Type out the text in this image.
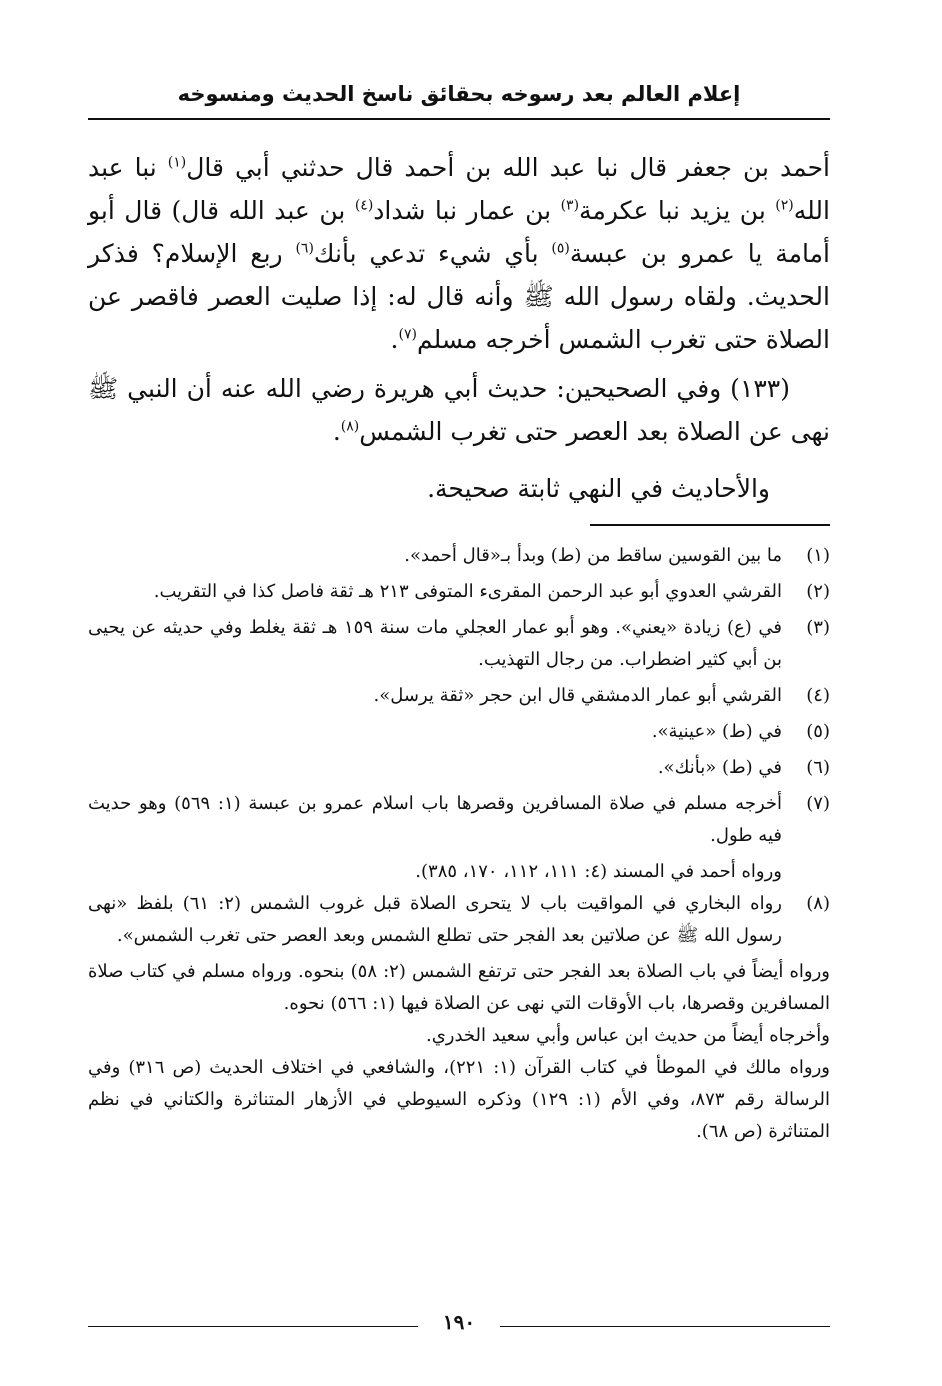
إعلام العالم بعد رسوخه بحقائق ناسخ الحديث ومنسوخه

أحمد بن جعفر قال نبا عبد الله بن أحمد قال حدثني أبي قال$^{(١)}$ نبا عبد الله$^{(٢)}$ بن يزيد نبا عكرمة$^{(٣)}$ بن عمار نبا شداد$^{(٤)}$ بن عبد الله قال) قال أبو أمامة يا عمرو بن عبسة$^{(٥)}$ بأي شيء تدعي بأنك$^{(٦)}$ ربع الإسلام؟ فذكر الحديث. ولقاه رسول الله ﷺ وأنه قال له: إذا صليت العصر فاقصر عن الصلاة حتى تغرب الشمس أخرجه مسلم$^{(٧)}$.

(١٣٣) وفي الصحيحين: حديث أبي هريرة رضي الله عنه أن النبي ﷺ نهى عن الصلاة بعد العصر حتى تغرب الشمس$^{(٨)}$.

والأحاديث في النهي ثابتة صحيحة.

(١)
ما بين القوسين ساقط من (ط) وبدأ بـ«قال أحمد».
(٢)
القرشي العدوي أبو عبد الرحمن المقرىء المتوفى ٢١٣ هـ ثقة فاصل كذا في التقريب.
(٣)
في (ع) زيادة «يعني». وهو أبو عمار العجلي مات سنة ١٥٩ هـ ثقة يغلط وفي حديثه عن يحيى بن أبي كثير اضطراب. من رجال التهذيب.
(٤)
القرشي أبو عمار الدمشقي قال ابن حجر «ثقة يرسل».
(٥)
في (ط) «عينية».
(٦)
في (ط) «بأنك».
(٧)
أخرجه مسلم في صلاة المسافرين وقصرها باب اسلام عمرو بن عبسة (١: ٥٦٩) وهو حديث فيه طول.
ورواه أحمد في المسند (٤: ١١١، ١١٢، ١٧٠، ٣٨٥).
(٨)
رواه البخاري في المواقيت باب لا يتحرى الصلاة قبل غروب الشمس (٢: ٦١) بلفظ «نهى رسول الله ﷺ عن صلاتين بعد الفجر حتى تطلع الشمس وبعد العصر حتى تغرب الشمس».
ورواه أيضاً في باب الصلاة بعد الفجر حتى ترتفع الشمس (٢: ٥٨) بنحوه. ورواه مسلم في كتاب صلاة المسافرين وقصرها، باب الأوقات التي نهى عن الصلاة فيها (١: ٥٦٦) نحوه.
وأخرجاه أيضاً من حديث ابن عباس وأبي سعيد الخدري.
ورواه مالك في الموطأ في كتاب القرآن (١: ٢٢١)، والشافعي في اختلاف الحديث (ص ٣١٦) وفي الرسالة رقم ٨٧٣، وفي الأم (١: ١٢٩) وذكره السيوطي في الأزهار المتناثرة والكتاني في نظم المتناثرة (ص ٦٨).
١٩٠
